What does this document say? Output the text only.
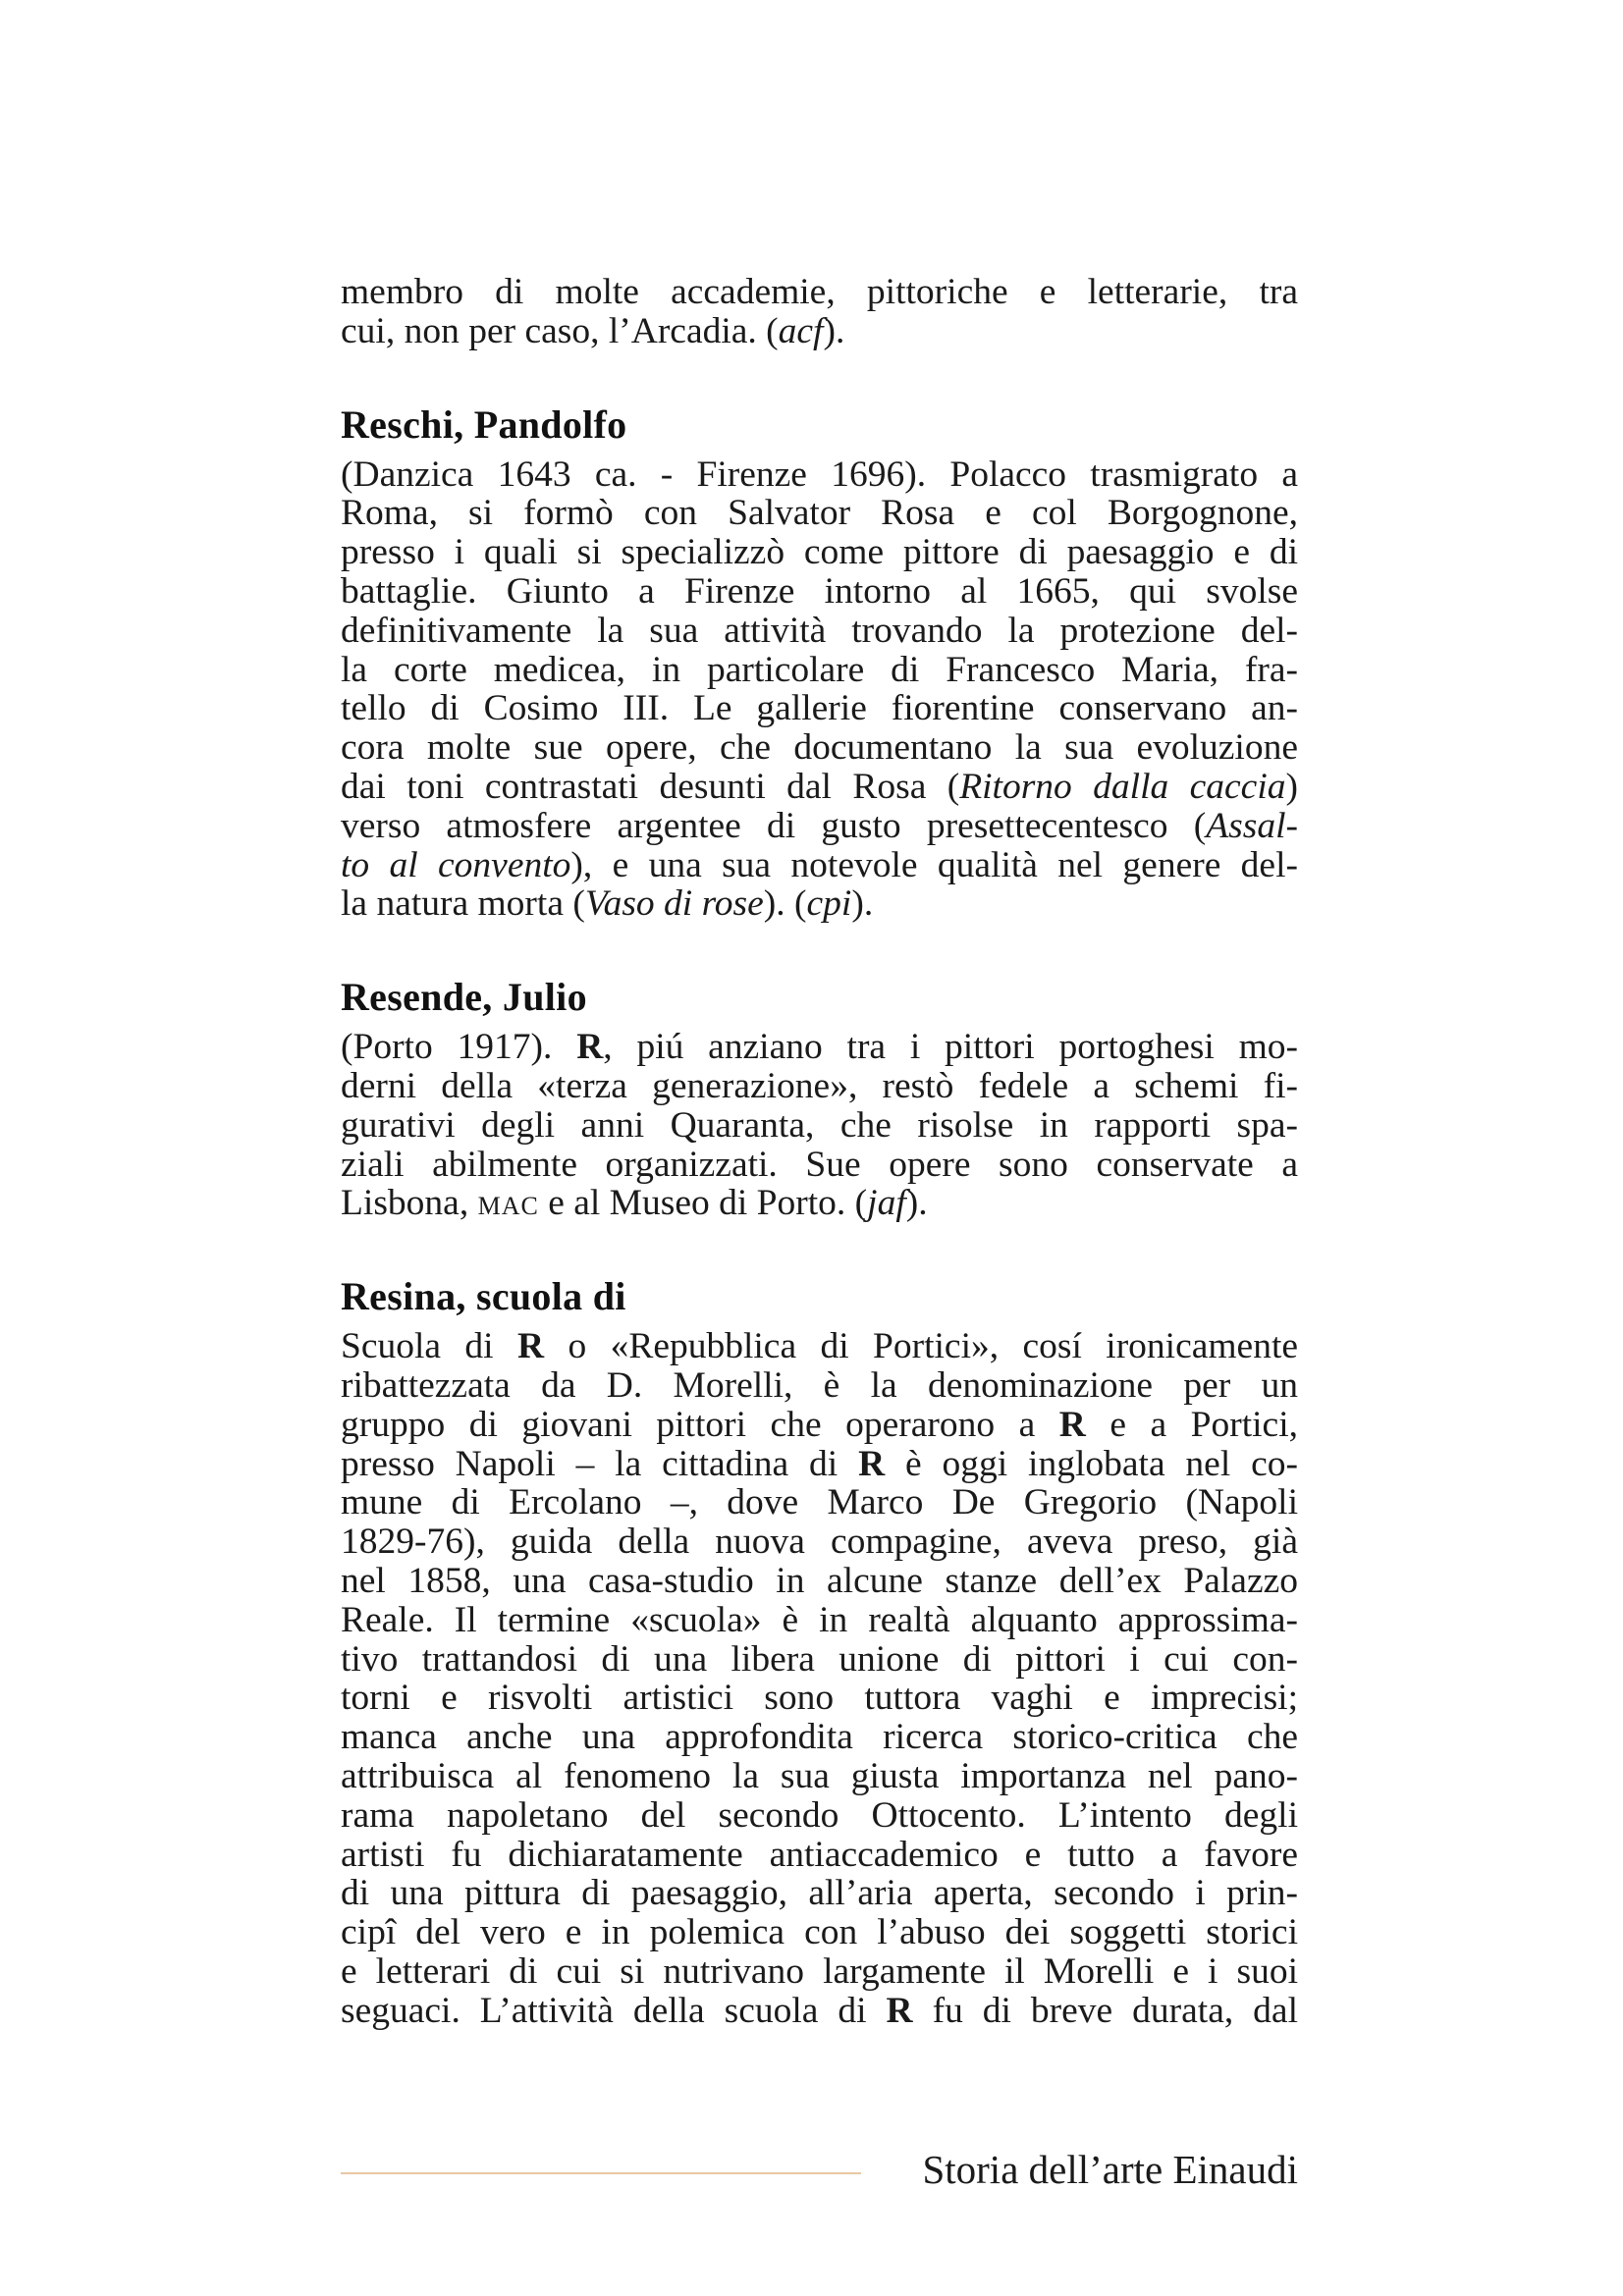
membro di molte accademie, pittoriche e letterarie, tra
cui, non per caso, l’Arcadia. (acf).
Reschi, Pandolfo
(Danzica 1643 ca. - Firenze 1696). Polacco trasmigrato a
Roma, si formò con Salvator Rosa e col Borgognone,
presso i quali si specializzò come pittore di paesaggio e di
battaglie. Giunto a Firenze intorno al 1665, qui svolse
definitivamente la sua attività trovando la protezione del-
la corte medicea, in particolare di Francesco Maria, fra-
tello di Cosimo III. Le gallerie fiorentine conservano an-
cora molte sue opere, che documentano la sua evoluzione
dai toni contrastati desunti dal Rosa (Ritorno dalla caccia)
verso atmosfere argentee di gusto presettecentesco (Assal-
to al convento), e una sua notevole qualità nel genere del-
la natura morta (Vaso di rose). (cpi).
Resende, Julio
(Porto 1917). R, piú anziano tra i pittori portoghesi mo-
derni della «terza generazione», restò fedele a schemi fi-
gurativi degli anni Quaranta, che risolse in rapporti spa-
ziali abilmente organizzati. Sue opere sono conservate a
Lisbona, MAC e al Museo di Porto. (jaf).
Resina, scuola di
Scuola di R o «Repubblica di Portici», cosí ironicamente
ribattezzata da D. Morelli, è la denominazione per un
gruppo di giovani pittori che operarono a R e a Portici,
presso Napoli – la cittadina di R è oggi inglobata nel co-
mune di Ercolano –, dove Marco De Gregorio (Napoli
1829-76), guida della nuova compagine, aveva preso, già
nel 1858, una casa-studio in alcune stanze dell’ex Palazzo
Reale. Il termine «scuola» è in realtà alquanto approssima-
tivo trattandosi di una libera unione di pittori i cui con-
torni e risvolti artistici sono tuttora vaghi e imprecisi;
manca anche una approfondita ricerca storico-critica che
attribuisca al fenomeno la sua giusta importanza nel pano-
rama napoletano del secondo Ottocento. L’intento degli
artisti fu dichiaratamente antiaccademico e tutto a favore
di una pittura di paesaggio, all’aria aperta, secondo i prin-
cipî del vero e in polemica con l’abuso dei soggetti storici
e letterari di cui si nutrivano largamente il Morelli e i suoi
seguaci. L’attività della scuola di R fu di breve durata, dal
Storia dell’arte Einaudi
